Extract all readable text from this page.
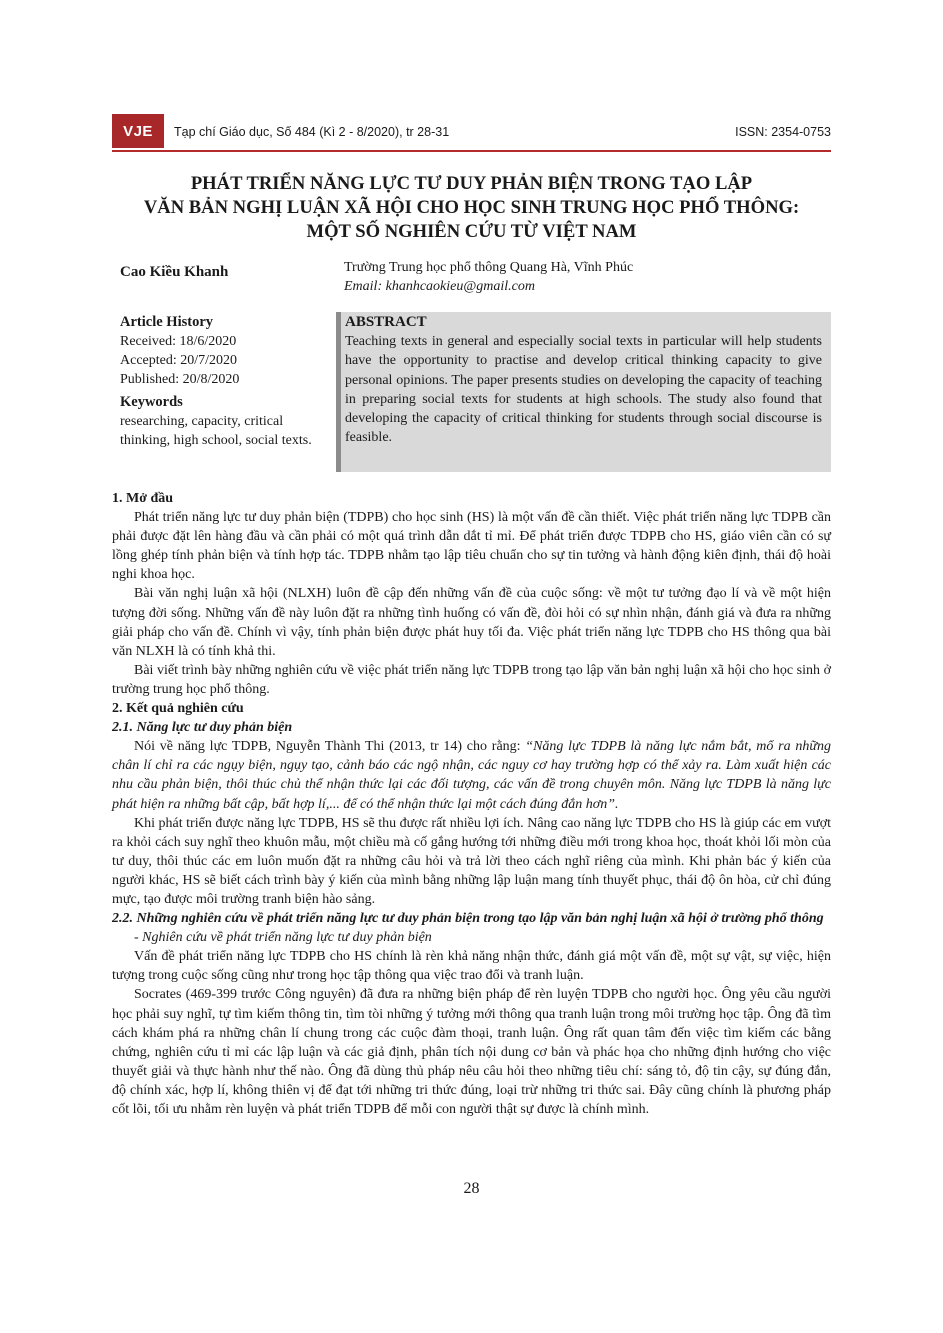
VJE	Tạp chí Giáo dục, Số 484 (Kì 2 - 8/2020), tr 28-31	ISSN: 2354-0753
PHÁT TRIỂN NĂNG LỰC TƯ DUY PHẢN BIỆN TRONG TẠO LẬP
VĂN BẢN NGHỊ LUẬN XÃ HỘI CHO HỌC SINH TRUNG HỌC PHỔ THÔNG:
MỘT SỐ NGHIÊN CỨU TỪ VIỆT NAM
Cao Kiều Khanh	Trường Trung học phổ thông Quang Hà, Vĩnh Phúc
Email: khanhcaokieu@gmail.com
Article History
Received: 18/6/2020
Accepted: 20/7/2020
Published: 20/8/2020
Keywords
researching, capacity, critical thinking, high school, social texts.
ABSTRACT
Teaching texts in general and especially social texts in particular will help students have the opportunity to practise and develop critical thinking capacity to give personal opinions. The paper presents studies on developing the capacity of teaching in preparing social texts for students at high schools. The study also found that developing the capacity of critical thinking for students through social discourse is feasible.

1. Mở đầu

Phát triển năng lực tư duy phản biện (TDPB) cho học sinh (HS) là một vấn đề cần thiết. Việc phát triển năng lực TDPB cần phải được đặt lên hàng đầu và cần phải có một quá trình dẫn dắt tỉ mỉ. Để phát triển được TDPB cho HS, giáo viên cần có sự lồng ghép tính phản biện và tính hợp tác. TDPB nhằm tạo lập tiêu chuẩn cho sự tin tưởng và hành động kiên định, thái độ hoài nghi khoa học.

Bài văn nghị luận xã hội (NLXH) luôn đề cập đến những vấn đề của cuộc sống: về một tư tưởng đạo lí và về một hiện tượng đời sống. Những vấn đề này luôn đặt ra những tình huống có vấn đề, đòi hỏi có sự nhìn nhận, đánh giá và đưa ra những giải pháp cho vấn đề. Chính vì vậy, tính phản biện được phát huy tối đa. Việc phát triển năng lực TDPB cho HS thông qua bài văn NLXH là có tính khả thi.

Bài viết trình bày những nghiên cứu về việc phát triển năng lực TDPB trong tạo lập văn bản nghị luận xã hội cho học sinh ở trường trung học phổ thông.

2. Kết quả nghiên cứu

2.1. Năng lực tư duy phản biện

Nói về năng lực TDPB, Nguyễn Thành Thi (2013, tr 14) cho rằng: “Năng lực TDPB là năng lực nắm bắt, mổ ra những chân lí chỉ ra các ngụy biện, ngụy tạo, cảnh báo các ngộ nhận, các nguy cơ hay trường hợp có thể xảy ra. Làm xuất hiện các nhu cầu phản biện, thôi thúc chủ thể nhận thức lại các đối tượng, các vấn đề trong chuyên môn. Năng lực TDPB là năng lực phát hiện ra những bất cập, bất hợp lí,... để có thể nhận thức lại một cách đúng đắn hơn”.

Khi phát triển được năng lực TDPB, HS sẽ thu được rất nhiều lợi ích. Nâng cao năng lực TDPB cho HS là giúp các em vượt ra khỏi cách suy nghĩ theo khuôn mẫu, một chiều mà cố gắng hướng tới những điều mới trong khoa học, thoát khỏi lối mòn của tư duy, thôi thúc các em luôn muốn đặt ra những câu hỏi và trả lời theo cách nghĩ riêng của mình. Khi phản bác ý kiến của người khác, HS sẽ biết cách trình bày ý kiến của mình bằng những lập luận mang tính thuyết phục, thái độ ôn hòa, cử chỉ đúng mực, tạo được môi trường tranh biện hào sảng.

2.2. Những nghiên cứu về phát triển năng lực tư duy phản biện trong tạo lập văn bản nghị luận xã hội ở trường phổ thông

- Nghiên cứu về phát triển năng lực tư duy phản biện

Vấn đề phát triển năng lực TDPB cho HS chính là rèn khả năng nhận thức, đánh giá một vấn đề, một sự vật, sự việc, hiện tượng trong cuộc sống cũng như trong học tập thông qua việc trao đổi và tranh luận.

Socrates (469-399 trước Công nguyên) đã đưa ra những biện pháp để rèn luyện TDPB cho người học. Ông yêu cầu người học phải suy nghĩ, tự tìm kiếm thông tin, tìm tòi những ý tưởng mới thông qua tranh luận trong môi trường học tập. Ông đã tìm cách khám phá ra những chân lí chung trong các cuộc đàm thoại, tranh luận. Ông rất quan tâm đến việc tìm kiếm các bằng chứng, nghiên cứu tỉ mỉ các lập luận và các giả định, phân tích nội dung cơ bản và phác họa cho những định hướng cho việc thuyết giải và thực hành như thế nào. Ông đã dùng thủ pháp nêu câu hỏi theo những tiêu chí: sáng tỏ, độ tin cậy, sự đúng đắn, độ chính xác, hợp lí, không thiên vị để đạt tới những tri thức đúng, loại trừ những tri thức sai. Đây cũng chính là phương pháp cốt lõi, tối ưu nhằm rèn luyện và phát triển TDPB để mỗi con người thật sự được là chính mình.

28
